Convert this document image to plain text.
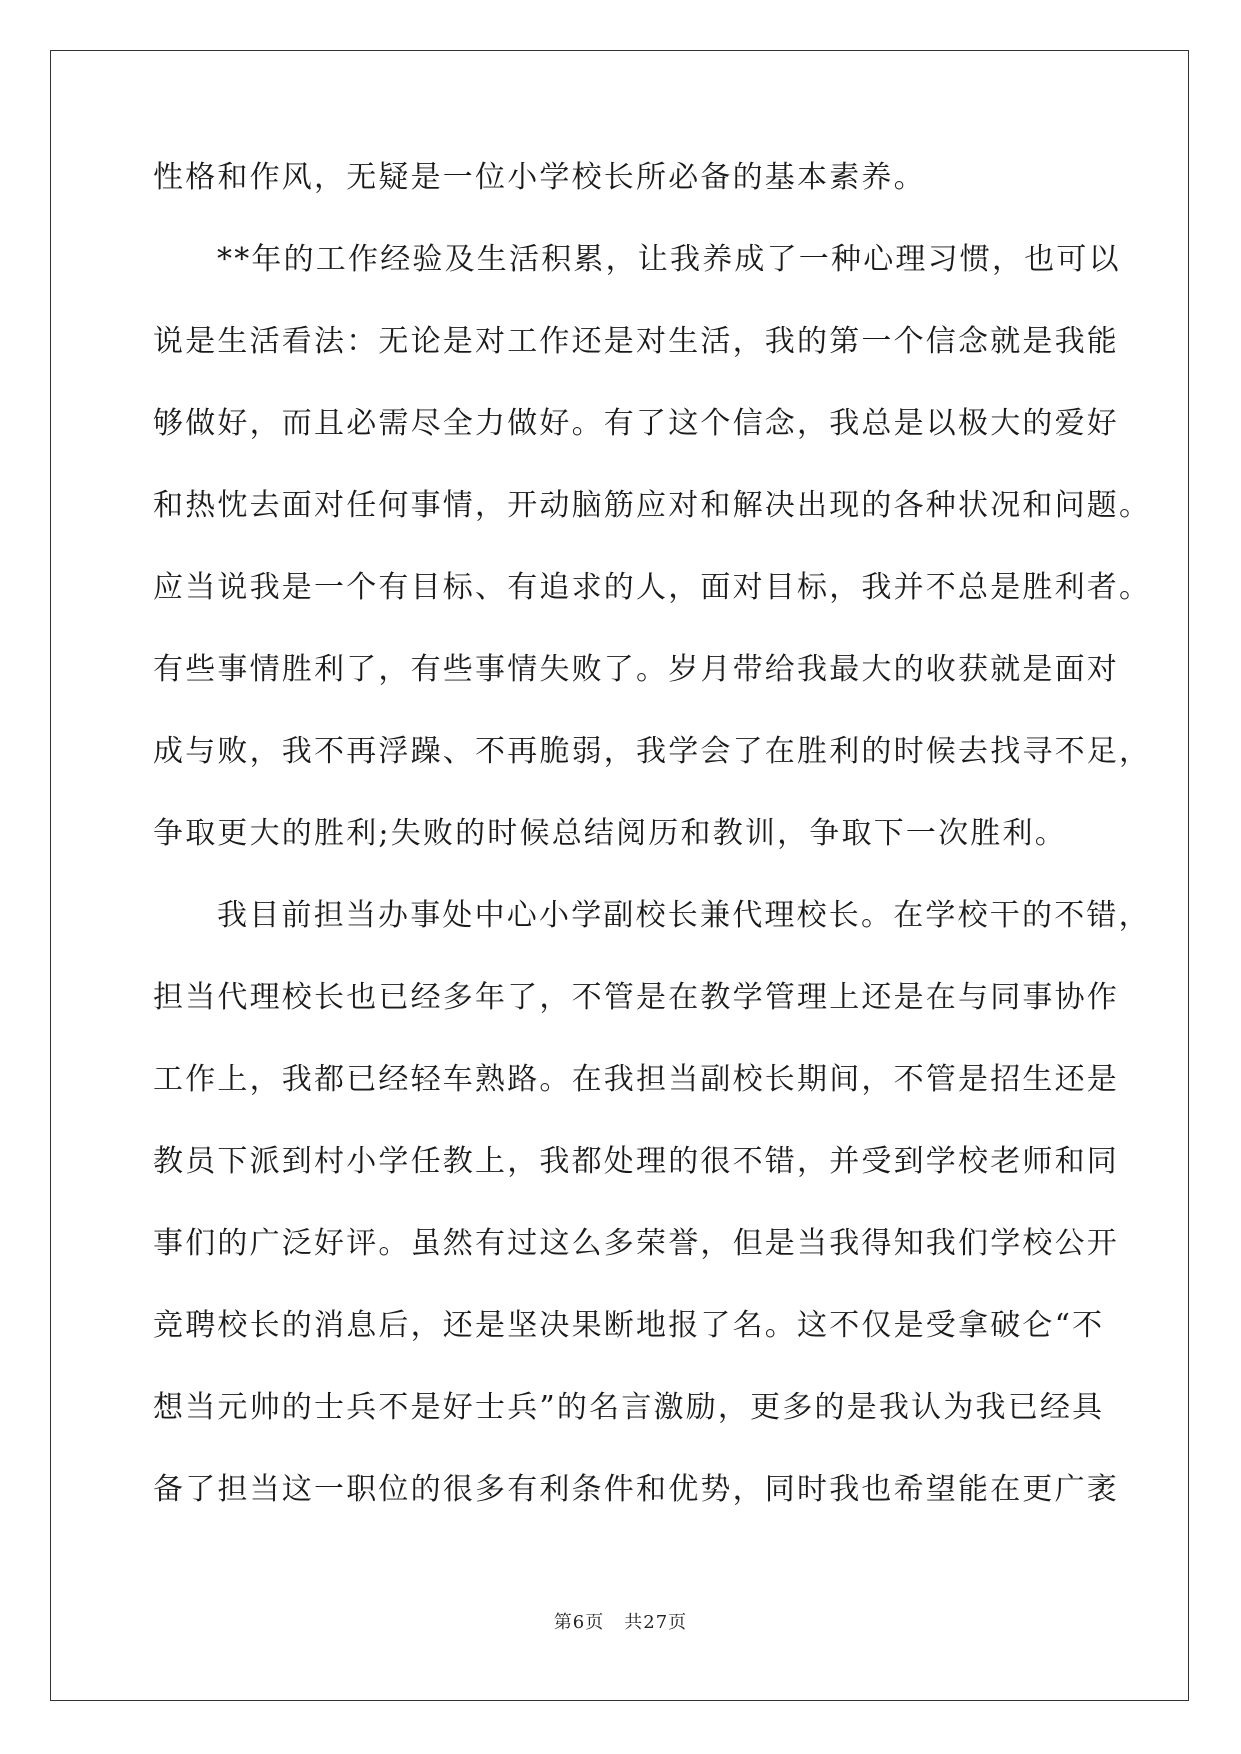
性格和作风，无疑是一位小学校长所必备的基本素养。
**年的工作经验及生活积累，让我养成了一种心理习惯，也可以
说是生活看法：无论是对工作还是对生活，我的第一个信念就是我能
够做好，而且必需尽全力做好。有了这个信念，我总是以极大的爱好
和热忱去面对任何事情，开动脑筋应对和解决出现的各种状况和问题。
应当说我是一个有目标、有追求的人，面对目标，我并不总是胜利者。
有些事情胜利了，有些事情失败了。岁月带给我最大的收获就是面对
成与败，我不再浮躁、不再脆弱，我学会了在胜利的时候去找寻不足，
争取更大的胜利;失败的时候总结阅历和教训，争取下一次胜利。
我目前担当办事处中心小学副校长兼代理校长。在学校干的不错，
担当代理校长也已经多年了，不管是在教学管理上还是在与同事协作
工作上，我都已经轻车熟路。在我担当副校长期间，不管是招生还是
教员下派到村小学任教上，我都处理的很不错，并受到学校老师和同
事们的广泛好评。虽然有过这么多荣誉，但是当我得知我们学校公开
竞聘校长的消息后，还是坚决果断地报了名。这不仅是受拿破仑“不
想当元帅的士兵不是好士兵”的名言激励，更多的是我认为我已经具
备了担当这一职位的很多有利条件和优势，同时我也希望能在更广袤
第6页 共27页
